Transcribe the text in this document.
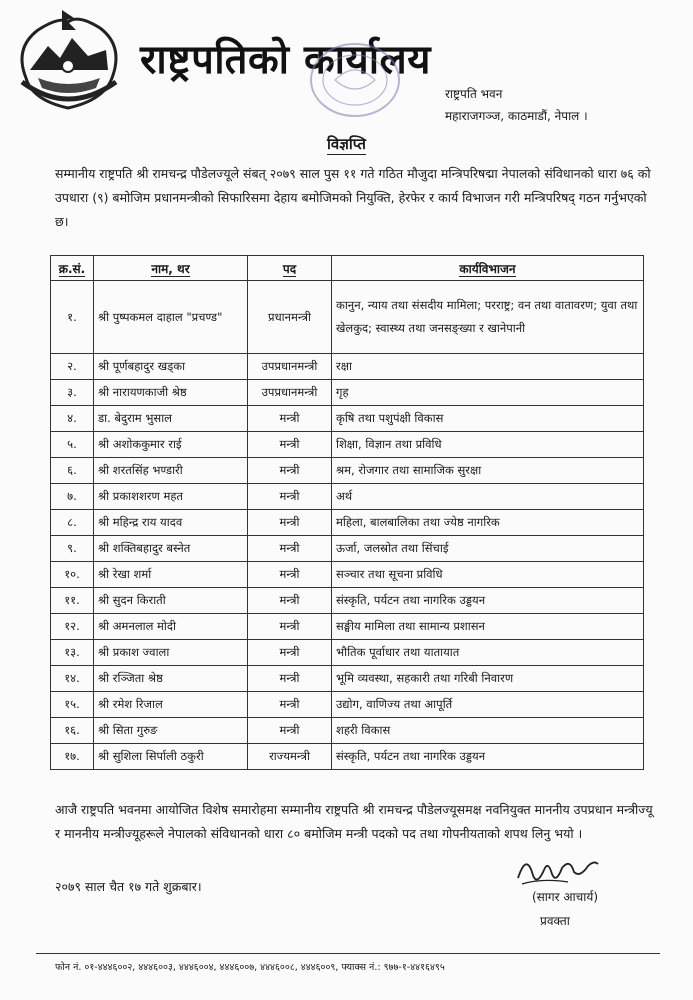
राष्ट्रपतिको कार्यालय
राष्ट्रपति भवन
महाराजगञ्ज, काठमाडौं, नेपाल ।
विज्ञप्ति
सम्मानीय राष्ट्रपति श्री रामचन्द्र पौडेलज्यूले संबत् २०७९ साल पुस ११ गते गठित मौजुदा मन्त्रिपरिषद्मा नेपालको संविधानको धारा ७६ को उपधारा (९) बमोजिम प्रधानमन्त्रीको सिफारिसमा देहाय बमोजिमको नियुक्ति, हेरफेर र कार्य विभाजन गरी मन्त्रिपरिषद् गठन गर्नुभएको छ।
क्र.सं.	नाम, थर	पद	कार्यविभाजन
१.	श्री पुष्पकमल दाहाल "प्रचण्ड"	प्रधानमन्त्री	कानुन, न्याय तथा संसदीय मामिला; परराष्ट्र; वन तथा वातावरण; युवा तथा खेलकुद; स्वास्थ्य तथा जनसङ्ख्या र खानेपानी
२.	श्री पूर्णबहादुर खड्का	उपप्रधानमन्त्री	रक्षा
३.	श्री नारायणकाजी श्रेष्ठ	उपप्रधानमन्त्री	गृह
४.	डा. बेदुराम भुसाल	मन्त्री	कृषि तथा पशुपंक्षी विकास
५.	श्री अशोककुमार राई	मन्त्री	शिक्षा, विज्ञान तथा प्रविधि
६.	श्री शरतसिंह भण्डारी	मन्त्री	श्रम, रोजगार तथा सामाजिक सुरक्षा
७.	श्री प्रकाशशरण महत	मन्त्री	अर्थ
८.	श्री महिन्द्र राय यादव	मन्त्री	महिला, बालबालिका तथा ज्येष्ठ नागरिक
९.	श्री शक्तिबहादुर बस्नेत	मन्त्री	ऊर्जा, जलस्रोत तथा सिंचाई
१०.	श्री रेखा शर्मा	मन्त्री	सञ्चार तथा सूचना प्रविधि
११.	श्री सुदन किराती	मन्त्री	संस्कृति, पर्यटन तथा नागरिक उड्डयन
१२.	श्री अमनलाल मोदी	मन्त्री	सङ्घीय मामिला तथा सामान्य प्रशासन
१३.	श्री प्रकाश ज्वाला	मन्त्री	भौतिक पूर्वाधार तथा यातायात
१४.	श्री रञ्जिता श्रेष्ठ	मन्त्री	भूमि व्यवस्था, सहकारी तथा गरिबी निवारण
१५.	श्री रमेश रिजाल	मन्त्री	उद्योग, वाणिज्य तथा आपूर्ति
१६.	श्री सिता गुरुङ	मन्त्री	शहरी विकास
१७.	श्री सुशिला सिर्पाली ठकुरी	राज्यमन्त्री	संस्कृति, पर्यटन तथा नागरिक उड्डयन
आजै राष्ट्रपति भवनमा आयोजित विशेष समारोहमा सम्मानीय राष्ट्रपति श्री रामचन्द्र पौडेलज्यूसमक्ष नवनियुक्त माननीय उपप्रधान मन्त्रीज्यू र माननीय मन्त्रीज्यूहरूले नेपालको संविधानको धारा ८० बमोजिम मन्त्री पदको पद तथा गोपनीयताको शपथ लिनु भयो ।
२०७९ साल चैत १७ गते शुक्रबार।
(सागर आचार्य)
प्रवक्ता
फोन नं. ०१-४४४६००२, ४४४६००३, ४४४६००४, ४४४६००७, ४४४६००८, ४४४६००९, फ्याक्स नं.: ९७७-१-४४१६४९५
